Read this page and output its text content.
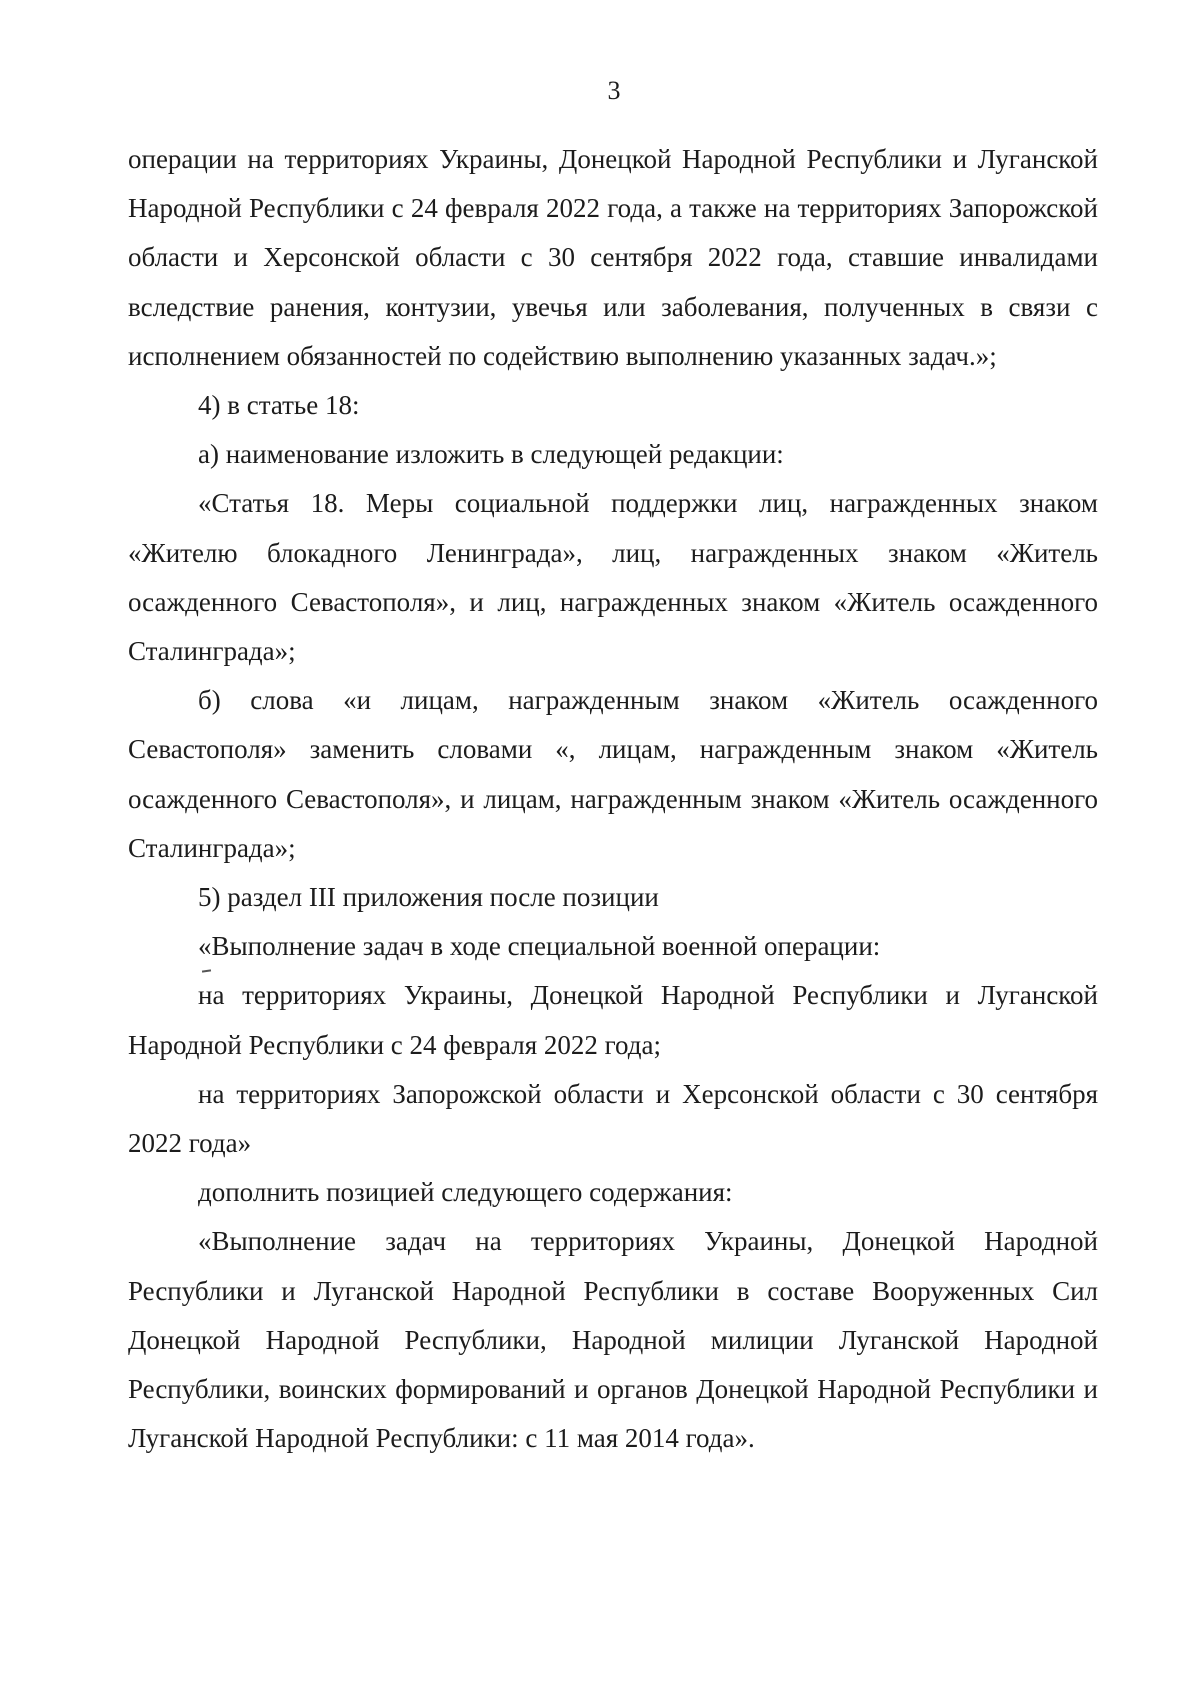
3

операции на территориях Украины, Донецкой Народной Республики и Луганской Народной Республики с 24 февраля 2022 года, а также на территориях Запорожской области и Херсонской области с 30 сентября 2022 года, ставшие инвалидами вследствие ранения, контузии, увечья или заболевания, полученных в связи с исполнением обязанностей по содействию выполнению указанных задач.»;

4) в статье 18:

а) наименование изложить в следующей редакции:

«Статья 18. Меры социальной поддержки лиц, награжденных знаком «Жителю блокадного Ленинграда», лиц, награжденных знаком «Житель осажденного Севастополя», и лиц, награжденных знаком «Житель осажденного Сталинграда»;

б) слова «и лицам, награжденным знаком «Житель осажденного Севастополя» заменить словами «, лицам, награжденным знаком «Житель осажденного Севастополя», и лицам, награжденным знаком «Житель осажденного Сталинграда»;

5) раздел III приложения после позиции

«Выполнение задач в ходе специальной военной операции:

на территориях Украины, Донецкой Народной Республики и Луганской Народной Республики с 24 февраля 2022 года;

на территориях Запорожской области и Херсонской области с 30 сентября 2022 года»

дополнить позицией следующего содержания:

«Выполнение задач на территориях Украины, Донецкой Народной Республики и Луганской Народной Республики в составе Вооруженных Сил Донецкой Народной Республики, Народной милиции Луганской Народной Республики, воинских формирований и органов Донецкой Народной Республики и Луганской Народной Республики: с 11 мая 2014 года».
